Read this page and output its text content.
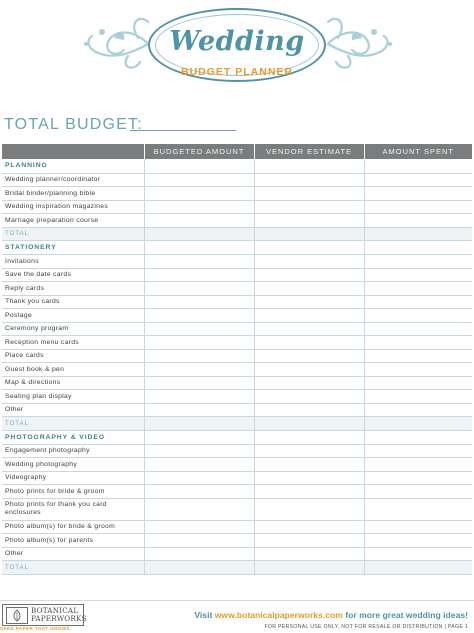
Wedding
BUDGET PLANNER
TOTAL BUDGET:
	BUDGETED AMOUNT	VENDOR ESTIMATE	AMOUNT SPENT
PLANNING			
Wedding planner/coordinator			
Bridal binder/planning bible			
Wedding inspiration magazines			
Marriage preparation course			
TOTAL			
STATIONERY			
Invitations			
Save the date cards			
Reply cards			
Thank you cards			
Postage			
Ceremony program			
Reception menu cards			
Place cards			
Guest book & pen			
Map & directions			
Seating plan display			
Other			
TOTAL			
PHOTOGRAPHY & VIDEO			
Engagement photography			
Wedding photography			
Videography			
Photo prints for bride & groom			
Photo prints for thank you card enclosures			
Photo album(s) for bride & groom			
Photo album(s) for parents			
Other			
TOTAL			
BOTANICAL
PAPERWORKS
SEED PAPER THAT GROWS
Visit www.botanicalpaperworks.com for more great wedding ideas!
FOR PERSONAL USE ONLY, NOT FOR RESALE OR DISTRIBUTION | PAGE 1
